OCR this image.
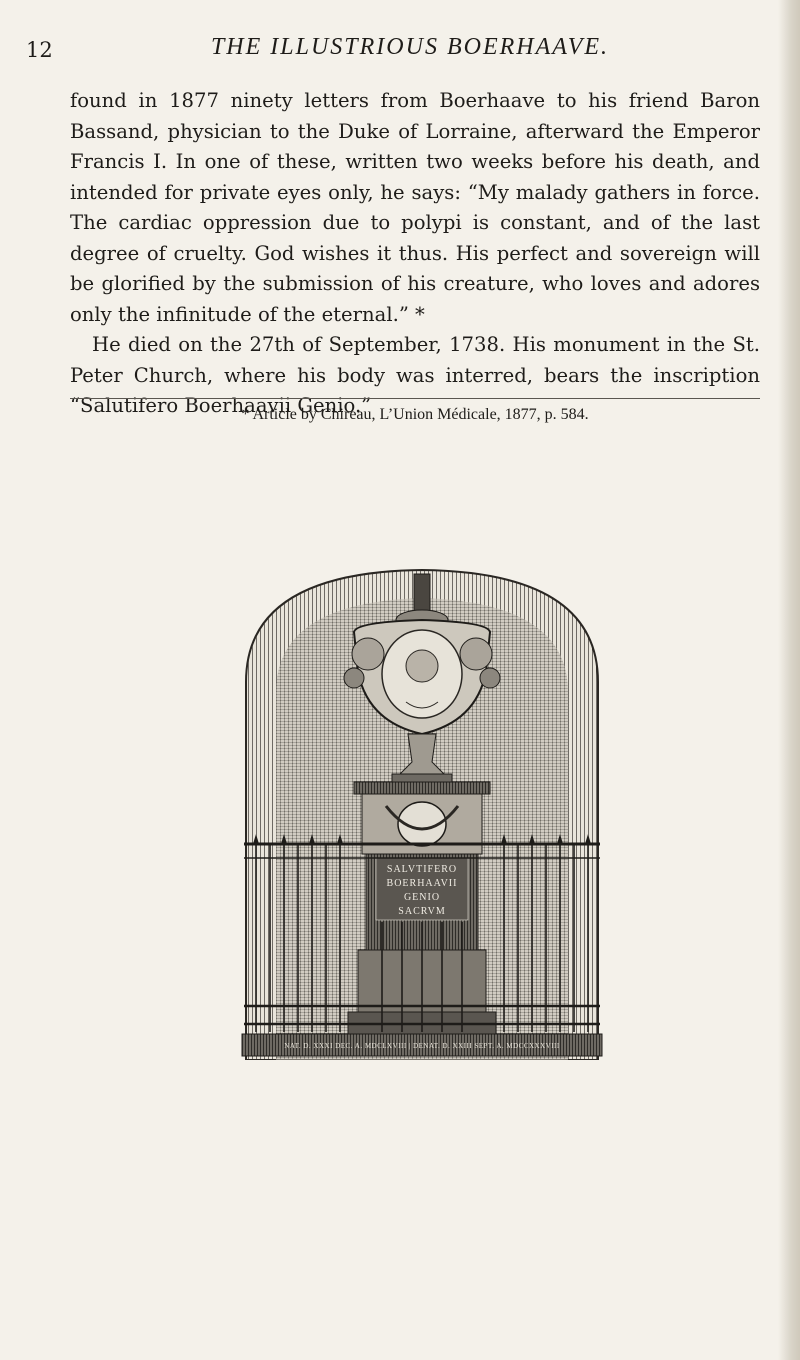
12	THE ILLUSTRIOUS BOERHAAVE.

found in 1877 ninety letters from Boerhaave to his friend Baron Bassand, physician to the Duke of Lorraine, afterward the Emperor Francis I. In one of these, written two weeks before his death, and intended for private eyes only, he says: “My malady gathers in force. The cardiac oppression due to polypi is constant, and of the last degree of cruelty. God wishes it thus. His perfect and sovereign will be glorified by the submission of his creature, who loves and adores only the infinitude of the eternal.” *

He died on the 27th of September, 1738. His monument in the St. Peter Church, where his body was interred, bears the inscription “Salutifero Boerhaavii Genio.”

* Article by Chireau, L’Union Médicale, 1877, p. 584.
SALVTIFERO
BOERHAAVII
GENIO
SACRVM
NAT. D. XXXI DEC. A. MDCLXVIII | DENAT. D. XXIII SEPT. A. MDCCXXXVIII
